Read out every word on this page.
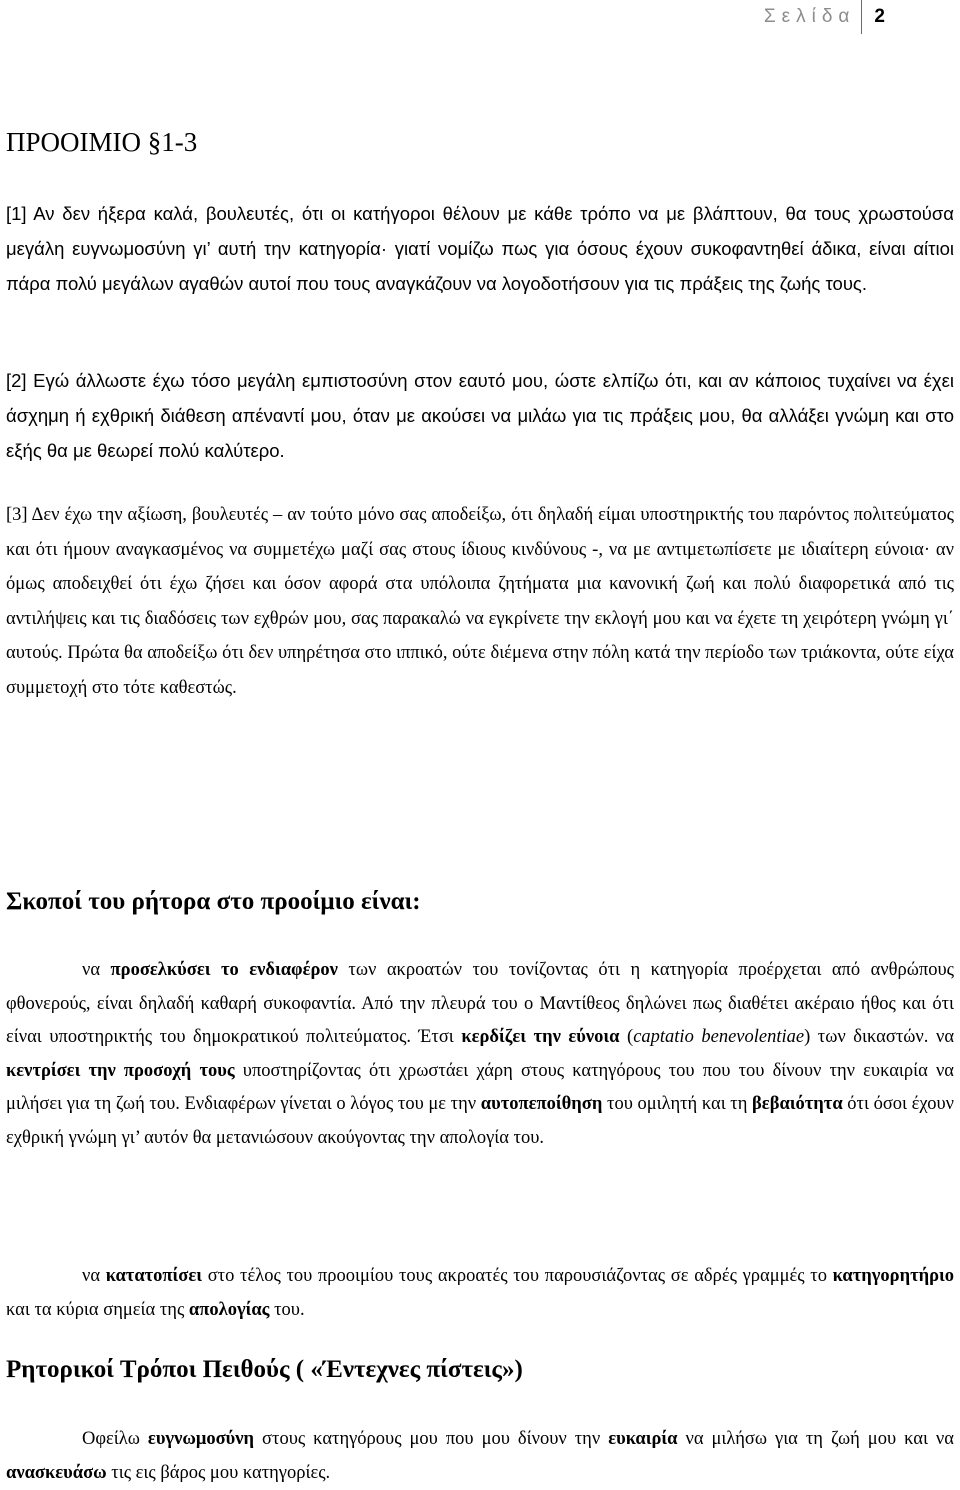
Σελίδα 2
ΠΡΟΟΙΜΙΟ §1-3
[1] Αν δεν ήξερα καλά, βουλευτές, ότι οι κατήγοροι θέλουν με κάθε τρόπο να με βλάπτουν, θα τους χρωστούσα μεγάλη ευγνωμοσύνη γι’ αυτή την κατηγορία· γιατί νομίζω πως για όσους έχουν συκοφαντηθεί άδικα, είναι αίτιοι πάρα πολύ μεγάλων αγαθών αυτοί που τους αναγκάζουν να λογοδοτήσουν για τις πράξεις της ζωής τους.
[2] Εγώ άλλωστε έχω τόσο μεγάλη εμπιστοσύνη στον εαυτό μου, ώστε ελπίζω ότι, και αν κάποιος τυχαίνει να έχει άσχημη ή εχθρική διάθεση απέναντί μου, όταν με ακούσει να μιλάω για τις πράξεις μου, θα αλλάξει γνώμη και στο εξής θα με θεωρεί πολύ καλύτερο.
[3] Δεν έχω την αξίωση, βουλευτές – αν τούτο μόνο σας αποδείξω, ότι δηλαδή είμαι υποστηρικτής του παρόντος πολιτεύματος και ότι ήμουν αναγκασμένος να συμμετέχω μαζί σας στους ίδιους κινδύνους -, να με αντιμετωπίσετε με ιδιαίτερη εύνοια· αν όμως αποδειχθεί ότι έχω ζήσει και όσον αφορά στα υπόλοιπα ζητήματα μια κανονική ζωή και πολύ διαφορετικά από τις αντιλήψεις και τις διαδόσεις των εχθρών μου, σας παρακαλώ να εγκρίνετε την εκλογή μου και να έχετε τη χειρότερη γνώμη γι΄ αυτούς. Πρώτα θα αποδείξω ότι δεν υπηρέτησα στο ιππικό, ούτε διέμενα στην πόλη κατά την περίοδο των τριάκοντα, ούτε είχα συμμετοχή στο τότε καθεστώς.
Σκοποί του ρήτορα στο προοίμιο είναι:
να προσελκύσει το ενδιαφέρον των ακροατών του τονίζοντας ότι η κατηγορία προέρχεται από ανθρώπους φθονερούς, είναι δηλαδή καθαρή συκοφαντία. Από την πλευρά του ο Μαντίθεος δηλώνει πως διαθέτει ακέραιο ήθος και ότι είναι υποστηρικτής του δημοκρατικού πολιτεύματος. Έτσι κερδίζει την εύνοια (captatio benevolentiae) των δικαστών. να κεντρίσει την προσοχή τους υποστηρίζοντας ότι χρωστάει χάρη στους κατηγόρους του που του δίνουν την ευκαιρία να μιλήσει για τη ζωή του. Ενδιαφέρων γίνεται ο λόγος του με την αυτοπεποίθηση του ομιλητή και τη βεβαιότητα ότι όσοι έχουν εχθρική γνώμη γι’ αυτόν θα μετανιώσουν ακούγοντας την απολογία του.
να κατατοπίσει στο τέλος του προοιμίου τους ακροατές του παρουσιάζοντας σε αδρές γραμμές το κατηγορητήριο και τα κύρια σημεία της απολογίας του.
Ρητορικοί Τρόποι Πειθούς ( «Έντεχνες πίστεις»)
Οφείλω ευγνωμοσύνη στους κατηγόρους μου που μου δίνουν την ευκαιρία να μιλήσω για τη ζωή μου και να ανασκευάσω τις εις βάρος μου κατηγορίες.
